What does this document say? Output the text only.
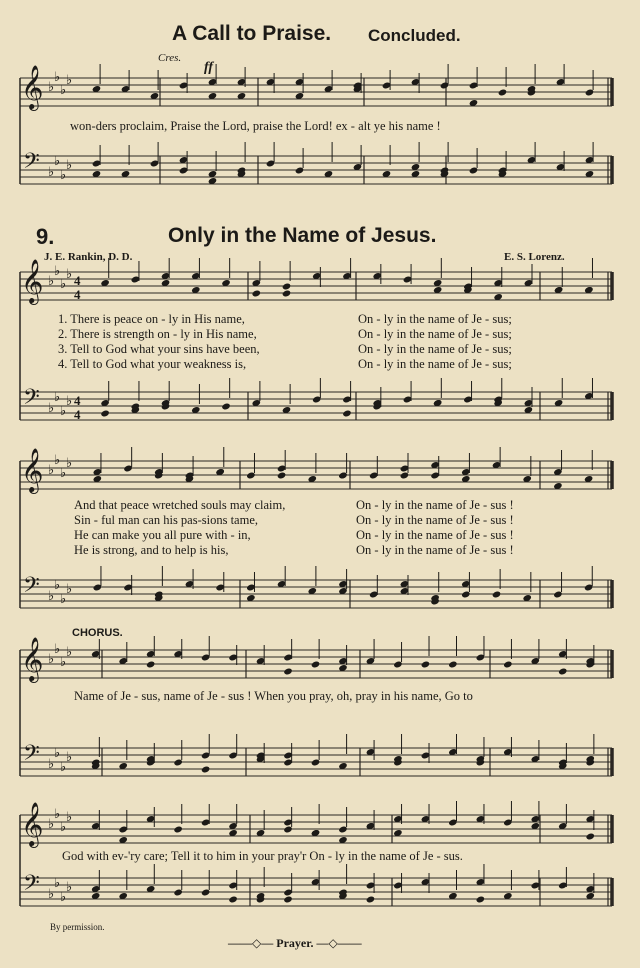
A Call to Praise. Concluded.
Cres.
ff
𝄞
𝄢
♭
♭
♭
♭
♭
♭
♭
♭
𝄞
𝄢
♭
♭
♭
♭
♭
♭
♭
♭
4
4
4
4
𝄞
𝄢
♭
♭
♭
♭
♭
♭
♭
♭
𝄞
𝄢
♭
♭
♭
♭
♭
♭
♭
♭
𝄞
𝄢
♭
♭
♭
♭
♭
♭
♭
♭
won-ders proclaim, Praise the Lord, praise the Lord! ex - alt ye his name !
9.	Only in the Name of Jesus.
J. E. Rankin, D. D.	E. S. Lorenz.
1. There is peace on - ly in His name,
2. There is strength on - ly in His name,
3. Tell to God what your sins have been,
4. Tell to God what your weakness is,
On - ly in the name of Je - sus;
On - ly in the name of Je - sus;
On - ly in the name of Je - sus;
On - ly in the name of Je - sus;
And that peace wretched souls may claim,
Sin - ful man can his pas-sions tame,
He can make you all pure with - in,
He is strong, and to help is his,
On - ly in the name of Je - sus !
On - ly in the name of Je - sus !
On - ly in the name of Je - sus !
On - ly in the name of Je - sus !
CHORUS.
Name of Je - sus, name of Je - sus ! When you pray, oh, pray in his name, Go to
God with ev-'ry care; Tell it to him in your pray'r On - ly in the name of Je - sus.
By permission.
——◇— Prayer. —◇——
